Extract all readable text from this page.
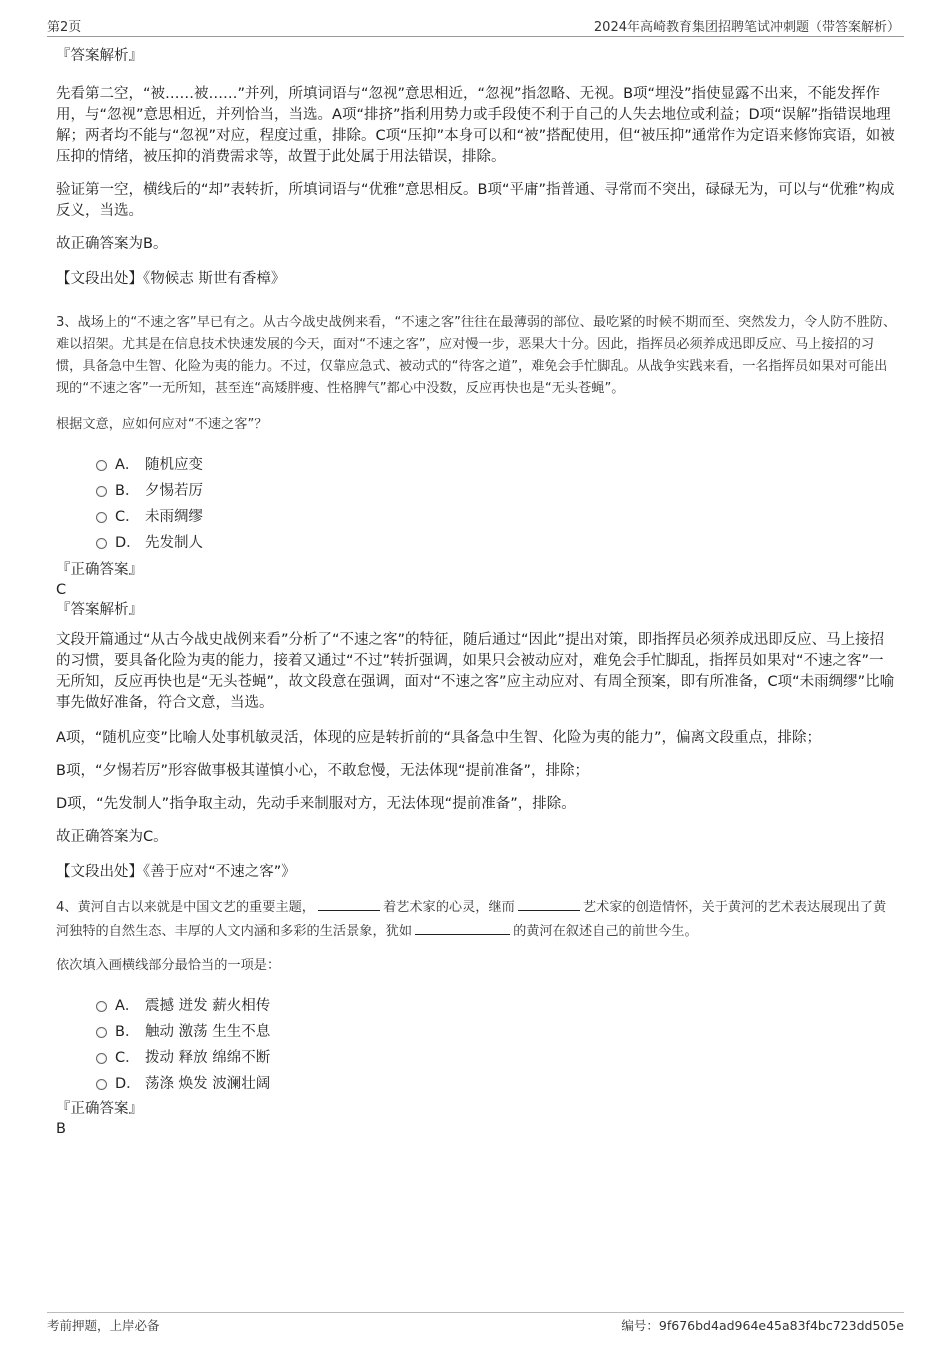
第2页	2024年高崎教育集团招聘笔试冲刺题（带答案解析）
『答案解析』
先看第二空，“被……被……”并列，所填词语与“忽视”意思相近，“忽视”指忽略、无视。B项“埋没”指使显露不出来，不能发挥作用，与“忽视”意思相近，并列恰当，当选。A项“排挤”指利用势力或手段使不利于自己的人失去地位或利益；D项“误解”指错误地理解；两者均不能与“忽视”对应，程度过重，排除。C项“压抑”本身可以和“被”搭配使用，但“被压抑”通常作为定语来修饰宾语，如被压抑的情绪，被压抑的消费需求等，故置于此处属于用法错误，排除。
验证第一空，横线后的“却”表转折，所填词语与“优雅”意思相反。B项“平庸”指普通、寻常而不突出，碌碌无为，可以与“优雅”构成反义，当选。
故正确答案为B。
【文段出处】《物候志 斯世有香樟》
3、战场上的“不速之客”早已有之。从古今战史战例来看，“不速之客”往往在最薄弱的部位、最吃紧的时候不期而至、突然发力，令人防不胜防、难以招架。尤其是在信息技术快速发展的今天，面对“不速之客”，应对慢一步，恶果大十分。因此，指挥员必须养成迅即反应、马上接招的习惯，具备急中生智、化险为夷的能力。不过，仅靠应急式、被动式的“待客之道”，难免会手忙脚乱。从战争实践来看，一名指挥员如果对可能出现的“不速之客”一无所知，甚至连“高矮胖瘦、性格脾气”都心中没数，反应再快也是“无头苍蝇”。
根据文意，应如何应对“不速之客”？
A． 随机应变
B． 夕惕若厉
C． 未雨绸缪
D． 先发制人
『正确答案』
C
『答案解析』
文段开篇通过“从古今战史战例来看”分析了“不速之客”的特征，随后通过“因此”提出对策，即指挥员必须养成迅即反应、马上接招的习惯，要具备化险为夷的能力，接着又通过“不过”转折强调，如果只会被动应对，难免会手忙脚乱，指挥员如果对“不速之客”一无所知，反应再快也是“无头苍蝇”，故文段意在强调，面对“不速之客”应主动应对、有周全预案，即有所准备，C项“未雨绸缪”比喻事先做好准备，符合文意，当选。
A项，“随机应变”比喻人处事机敏灵活，体现的应是转折前的“具备急中生智、化险为夷的能力”，偏离文段重点，排除；
B项，“夕惕若厉”形容做事极其谨慎小心，不敢怠慢，无法体现“提前准备”，排除；
D项，“先发制人”指争取主动，先动手来制服对方，无法体现“提前准备”，排除。
故正确答案为C。
【文段出处】《善于应对“不速之客”》
4、黄河自古以来就是中国文艺的重要主题，	着艺术家的心灵，继而	艺术家的创造情怀，关于黄河的艺术表达展现出了黄河独特的自然生态、丰厚的人文内涵和多彩的生活景象，犹如	的黄河在叙述自己的前世今生。
依次填入画横线部分最恰当的一项是：
A． 震撼 迸发 薪火相传
B． 触动 激荡 生生不息
C． 拨动 释放 绵绵不断
D． 荡涤 焕发 波澜壮阔
『正确答案』
B
考前押题，上岸必备	编号：9f676bd4ad964e45a83f4bc723dd505e
